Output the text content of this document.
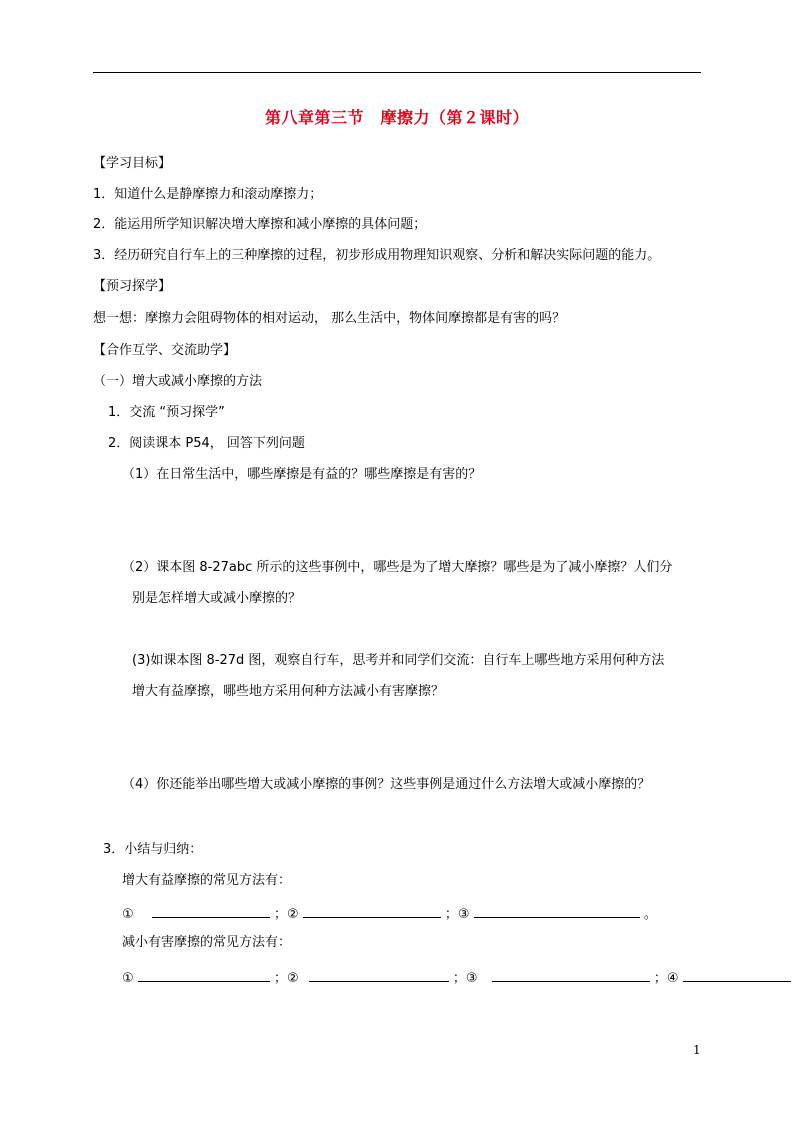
第八章第三节　摩擦力（第２课时）
【学习目标】
1．知道什么是静摩擦力和滚动摩擦力；
2．能运用所学知识解决增大摩擦和减小摩擦的具体问题；
3．经历研究自行车上的三种摩擦的过程，初步形成用物理知识观察、分析和解决实际问题的能力。
【预习探学】
想一想：摩擦力会阻碍物体的相对运动， 那么生活中，物体间摩擦都是有害的吗？
【合作互学、交流助学】
（一）增大或减小摩擦的方法
1．交流 “预习探学”
2．阅读课本 P54， 回答下列问题
（1）在日常生活中，哪些摩擦是有益的？哪些摩擦是有害的？
（2）课本图 8-27abc 所示的这些事例中，哪些是为了增大摩擦？哪些是为了减小摩擦？人们分
别是怎样增大或减小摩擦的？
(3)如课本图 8-27d 图，观察自行车，思考并和同学们交流：自行车上哪些地方采用何种方法
增大有益摩擦，哪些地方采用何种方法减小有害摩擦？
（4）你还能举出哪些增大或减小摩擦的事例？这些事例是通过什么方法增大或减小摩擦的？
3．小结与归纳：
增大有益摩擦的常见方法有：
①	；②	；③	。
减小有害摩擦的常见方法有：
①	；②	；③	；④
1
